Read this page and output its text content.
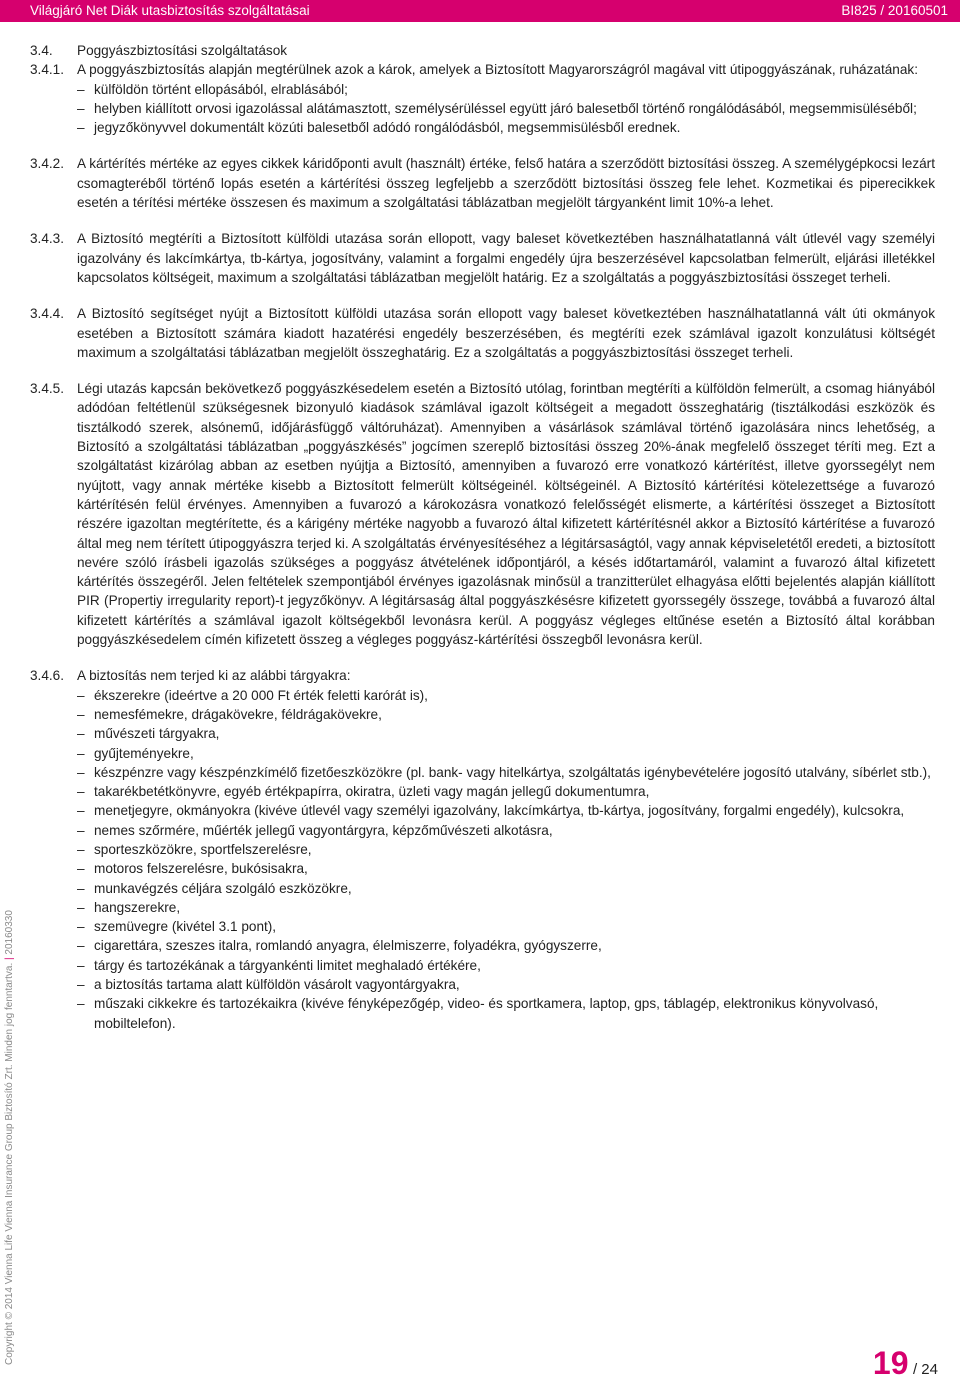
Világjáró Net Diák utasbiztosítás szolgáltatásai	BI825 / 20160501
3.4.	Poggyászbiztosítási szolgáltatások
3.4.1. A poggyászbiztosítás alapján megtérülnek azok a károk, amelyek a Biztosított Magyarországról magával vitt útipoggyászának, ruházatának:
– külföldön történt ellopásából, elrablásából;
– helyben kiállított orvosi igazolással alátámasztott, személysérüléssel együtt járó balesetből történő rongálódásából, megsemmisüléséből;
– jegyzőkönyvvel dokumentált közúti balesetből adódó rongálódásból, megsemmisülésből erednek.
3.4.2. A kártérítés mértéke az egyes cikkek káridőponti avult (használt) értéke, felső határa a szerződött biztosítási összeg. A személygépkocsi lezárt csomagteréből történő lopás esetén a kártérítési összeg legfeljebb a szerződött biztosítási összeg fele lehet. Kozmetikai és piperecikkek esetén a térítési mértéke összesen és maximum a szolgáltatási táblázatban megjelölt tárgyanként limit 10%-a lehet.
3.4.3. A Biztosító megtéríti a Biztosított külföldi utazása során ellopott, vagy baleset következtében használhatatlanná vált útlevél vagy személyi igazolvány és lakcímkártya, tb-kártya, jogosítvány, valamint a forgalmi engedély újra beszerzésével kapcsolatban felmerült, eljárási illetékkel kapcsolatos költségeit, maximum a szolgáltatási táblázatban megjelölt határig. Ez a szolgáltatás a poggyászbiztosítási összeget terheli.
3.4.4. A Biztosító segítséget nyújt a Biztosított külföldi utazása során ellopott vagy baleset következtében használhatatlanná vált úti okmányok esetében a Biztosított számára kiadott hazatérési engedély beszerzésében, és megtéríti ezek számlával igazolt konzulátusi költségét maximum a szolgáltatási táblázatban megjelölt összeghatárig. Ez a szolgáltatás a poggyászbiztosítási összeget terheli.
3.4.5. Légi utazás kapcsán bekövetkező poggyászkésedelem esetén a Biztosító utólag, forintban megtéríti a külföldön felmerült, a csomag hiányából adódóan feltétlenül szükségesnek bizonyuló kiadások számlával igazolt költségeit a megadott összeghatárig (tisztálkodási eszközök és tisztálkodó szerek, alsónemű, időjárásfüggő váltóruházat). Amennyiben a vásárlások számlával történő igazolására nincs lehetőség, a Biztosító a szolgáltatási táblázatban „poggyászkésés” jogcímen szereplő biztosítási összeg 20%-ának megfelelő összeget téríti meg. Ezt a szolgáltatást kizárólag abban az esetben nyújtja a Biztosító, amennyiben a fuvarozó erre vonatkozó kártérítést, illetve gyorssegélyt nem nyújtott, vagy annak mértéke kisebb a Biztosított felmerült költségeinél. költségeinél. A Biztosító kártérítési kötelezettsége a fuvarozó kártérítésén felül érvényes. Amennyiben a fuvarozó a károkozásra vonatkozó felelősségét elismerte, a kártérítési összeget a Biztosított részére igazoltan megtérítette, és a kárigény mértéke nagyobb a fuvarozó által kifizetett kártérítésnél akkor a Biztosító kártérítése a fuvarozó által meg nem térített útipoggyászra terjed ki. A szolgáltatás érvényesítéséhez a légitársaságtól, vagy annak képviseletétől eredeti, a biztosított nevére szóló írásbeli igazolás szükséges a poggyász átvételének időpontjáról, a késés időtartamáról, valamint a fuvarozó által kifizetett kártérítés összegéről. Jelen feltételek szempontjából érvényes igazolásnak minősül a tranzitterület elhagyása előtti bejelentés alapján kiállított PIR (Propertiy irregularity report)-t jegyzőkönyv. A légitársaság által poggyászkésésre kifizetett gyorssegély összege, továbbá a fuvarozó által kifizetett kártérítés a számlával igazolt költségekből levonásra kerül. A poggyász végleges eltűnése esetén a Biztosító által korábban poggyászkésedelem címén kifizetett összeg a végleges poggyász-kártérítési összegből levonásra kerül.
3.4.6. A biztosítás nem terjed ki az alábbi tárgyakra:
– ékszerekre (ideértve a 20 000 Ft érték feletti karórát is),
– nemesfémekre, drágakövekre, féldrágakövekre,
– művészeti tárgyakra,
– gyűjteményekre,
– készpénzre vagy készpénzkímélő fizetőeszközökre (pl. bank- vagy hitelkártya, szolgáltatás igénybevételére jogosító utalvány, síbérlet stb.),
– takarékbetétkönyvre, egyéb értékpapírra, okiratra, üzleti vagy magán jellegű dokumentumra,
– menetjegyre, okmányokra (kivéve útlevél vagy személyi igazolvány, lakcímkártya, tb-kártya, jogosítvány, forgalmi engedély), kulcsokra,
– nemes szőrmére, műérték jellegű vagyontárgyra, képzőművészeti alkotásra,
– sporteszközökre, sportfelszerelésre,
– motoros felszerelésre, bukósisakra,
– munkavégzés céljára szolgáló eszközökre,
– hangszerekre,
– szemüvegre (kivétel 3.1 pont),
– cigarettára, szeszes italra, romlandó anyagra, élelmiszerre, folyadékra, gyógyszerre,
– tárgy és tartozékának a tárgyankénti limitet meghaladó értékére,
– a biztosítás tartama alatt külföldön vásárolt vagyontárgyakra,
– műszaki cikkekre és tartozékaikra (kivéve fényképezőgép, video- és sportkamera, laptop, gps, táblagép, elektronikus könyvolvasó, mobiltelefon).
Copyright © 2014 Vienna Life Vienna Insurance Group Biztosító Zrt. Minden jog fenntartva. | 20160330
19 / 24
